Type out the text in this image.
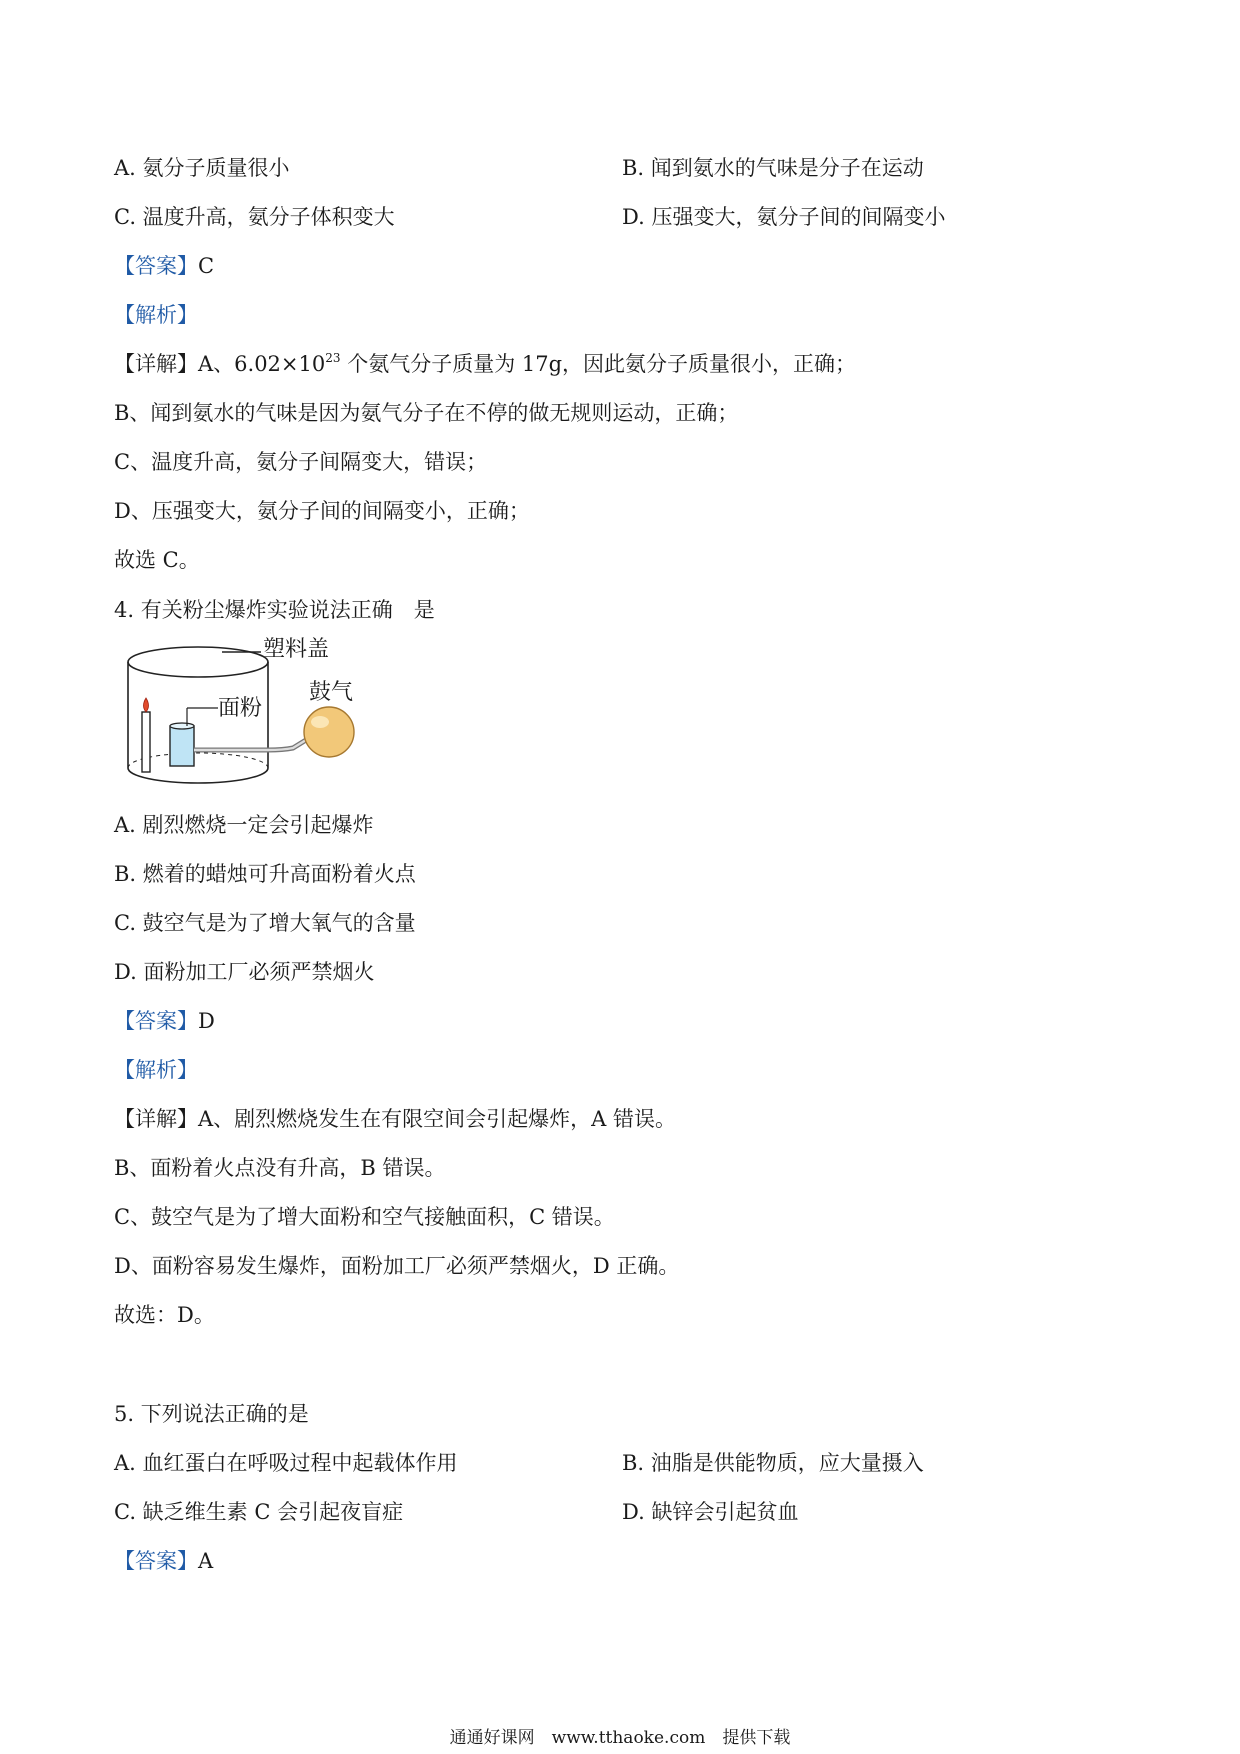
A. 氨分子质量很小	B. 闻到氨水的气味是分子在运动
C. 温度升高，氨分子体积变大	D. 压强变大，氨分子间的间隔变小
【答案】C
【解析】
【详解】A、$6.02\times 10^{23}$ 个氨气分子质量为 17g，因此氨分子质量很小，正确；
B、闻到氨水的气味是因为氨气分子在不停的做无规则运动，正确；
C、温度升高，氨分子间隔变大，错误；
D、压强变大，氨分子间的间隔变小，正确；
故选 C。
4. 有关粉尘爆炸实验说法正确　是
塑料盖
面粉
鼓气
A. 剧烈燃烧一定会引起爆炸
B. 燃着的蜡烛可升高面粉着火点
C. 鼓空气是为了增大氧气的含量
D. 面粉加工厂必须严禁烟火
【答案】D
【解析】
【详解】A、剧烈燃烧发生在有限空间会引起爆炸，A 错误。
B、面粉着火点没有升高，B 错误。
C、鼓空气是为了增大面粉和空气接触面积，C 错误。
D、面粉容易发生爆炸，面粉加工厂必须严禁烟火，D 正确。
故选：D。
5. 下列说法正确的是
A. 血红蛋白在呼吸过程中起载体作用	B. 油脂是供能物质，应大量摄入
C. 缺乏维生素 C 会引起夜盲症	D. 缺锌会引起贫血
【答案】A
通通好课网　www.tthaoke.com　提供下载
